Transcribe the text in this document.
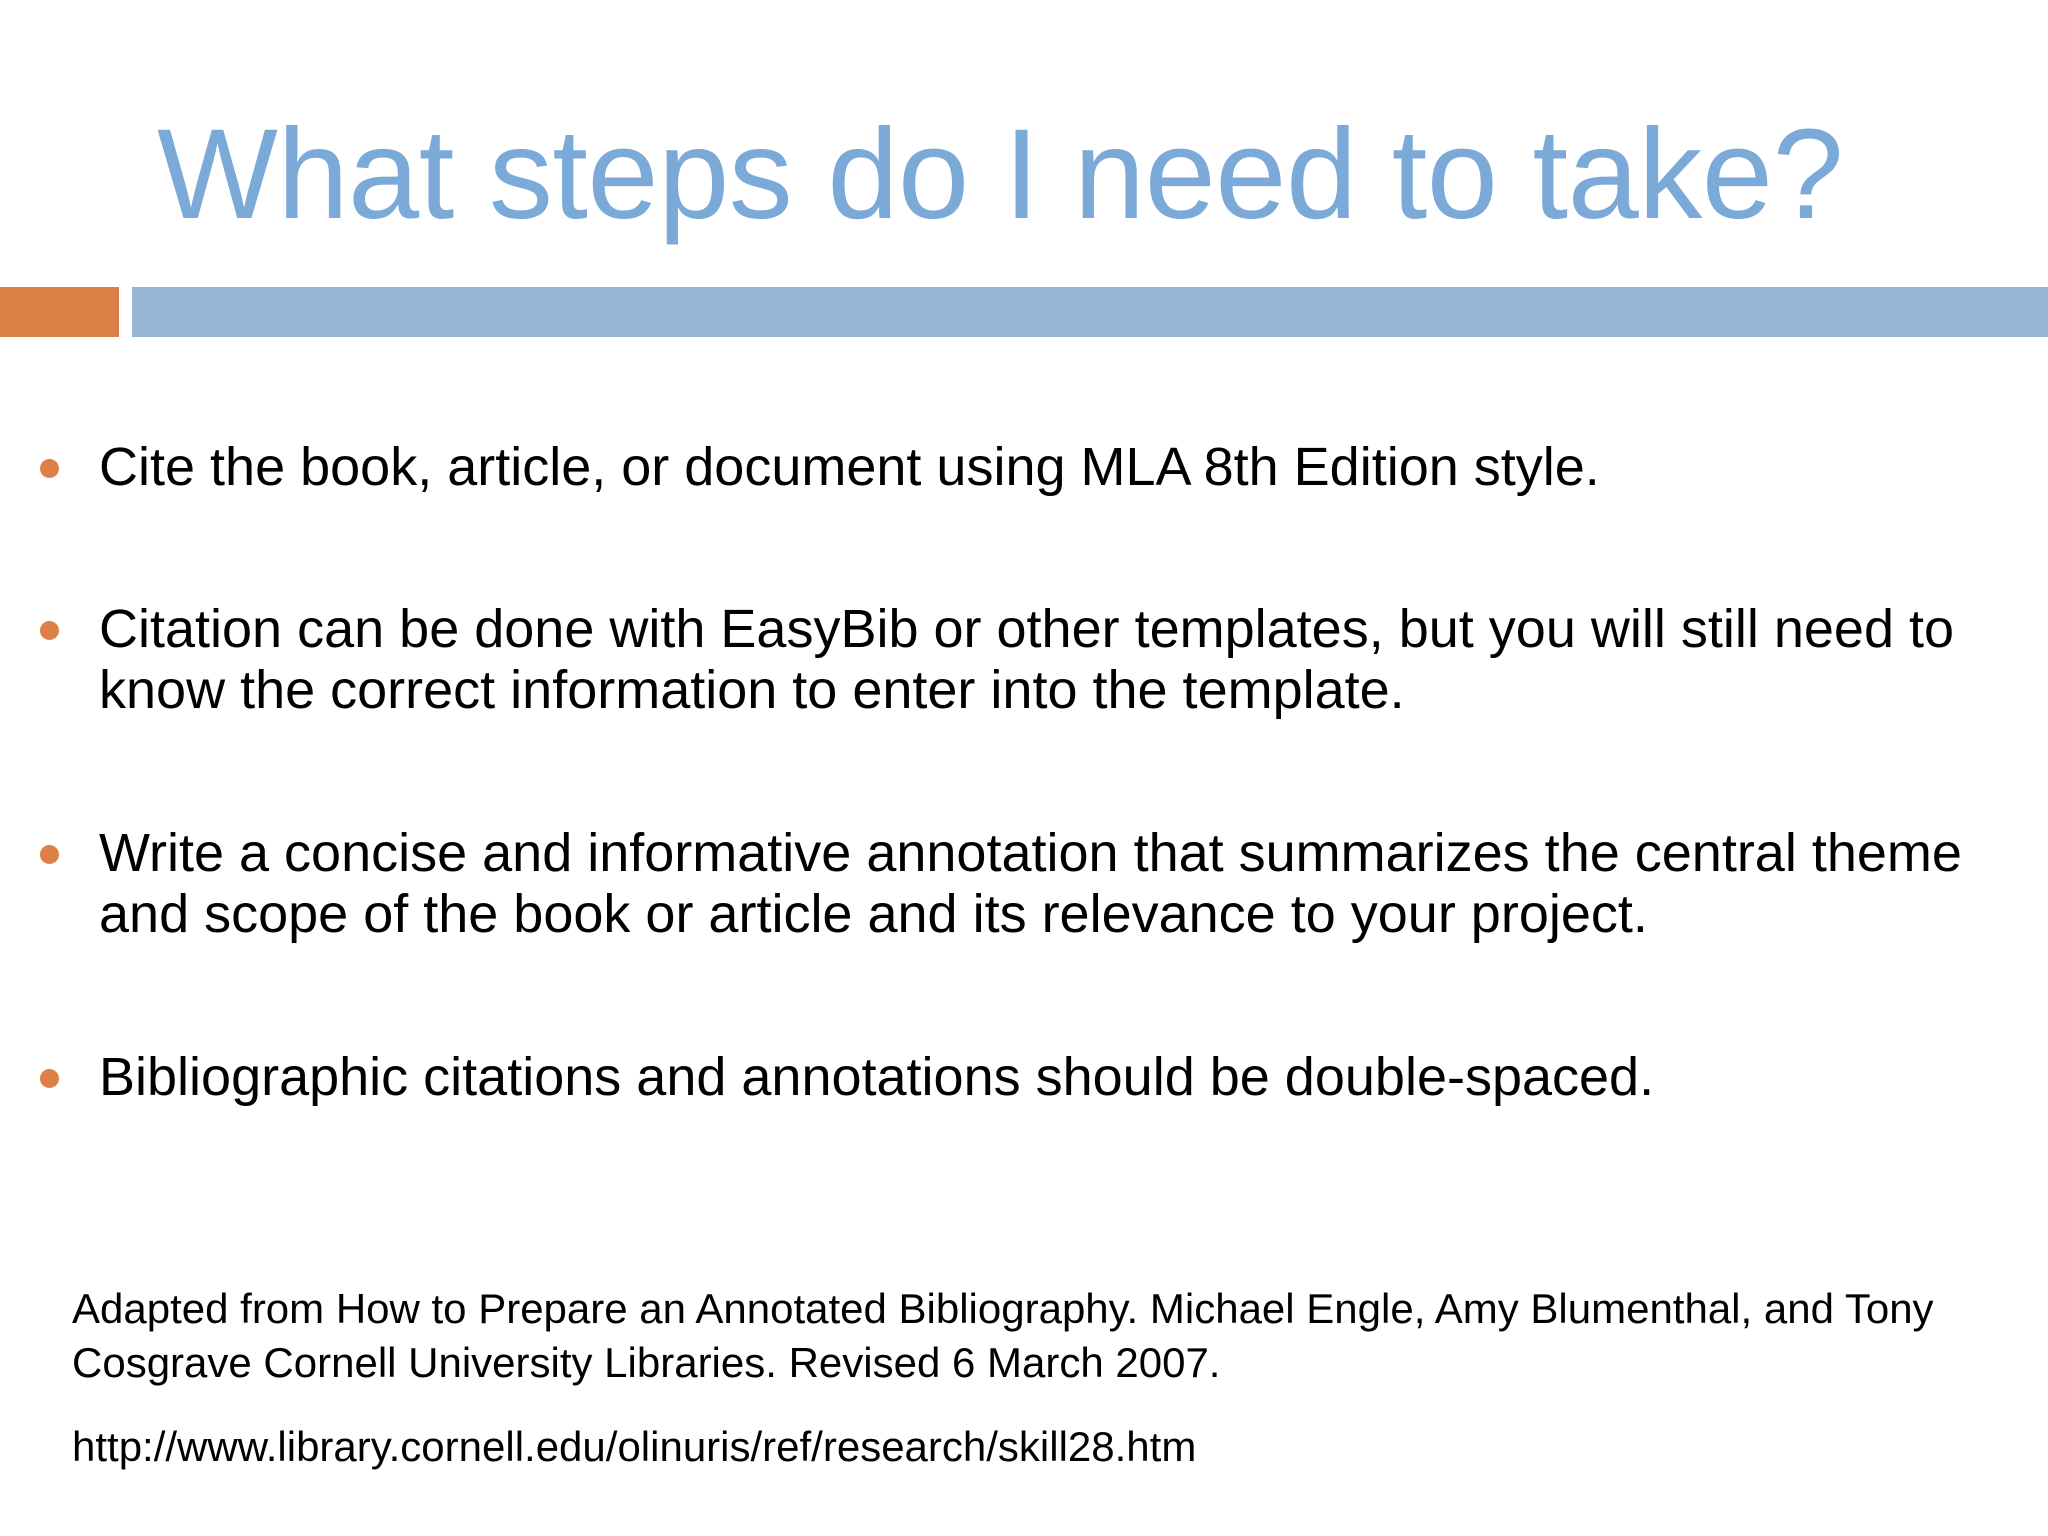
What steps do I need to take?
Cite the book, article, or document using MLA 8th Edition style.
Citation can be done with EasyBib or other templates, but you will still need to know the correct information to enter into the template.
Write a concise and informative annotation that summarizes the central theme and scope of the book or article and its relevance to your project.
Bibliographic citations and annotations should be double-spaced.

Adapted from How to Prepare an Annotated Bibliography. Michael Engle, Amy Blumenthal, and Tony Cosgrave Cornell University Libraries. Revised 6 March 2007.

http://www.library.cornell.edu/olinuris/ref/research/skill28.htm
